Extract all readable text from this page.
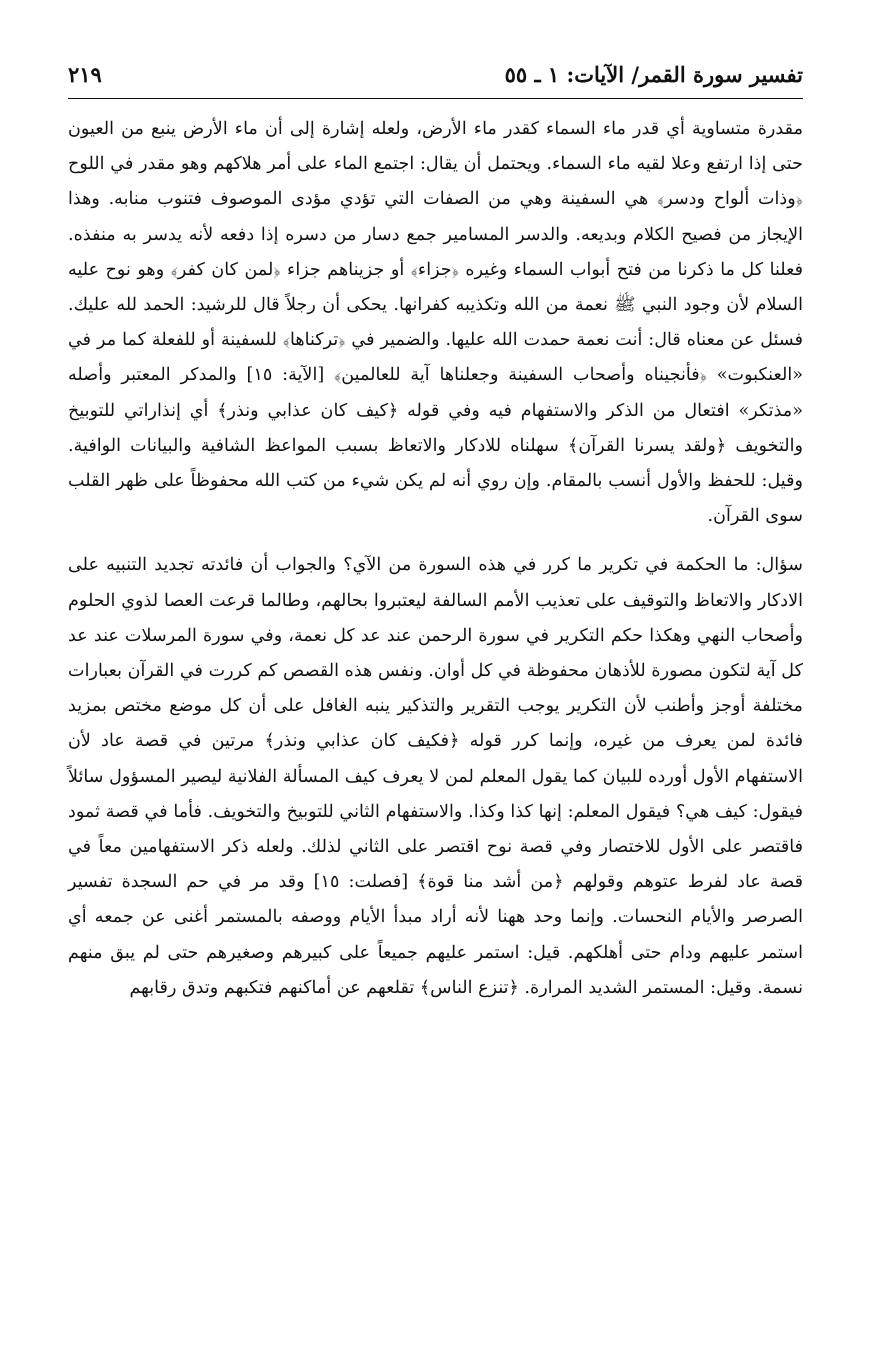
تفسير سورة القمر/ الآيات: ١ ـ ٥٥
٢١٩

مقدرة متساوية أي قدر ماء السماء كقدر ماء الأرض، ولعله إشارة إلى أن ماء الأرض ينبع من العيون حتى إذا ارتفع وعلا لقيه ماء السماء. ويحتمل أن يقال: اجتمع الماء على أمر هلاكهم وهو مقدر في اللوح ﴿وذات ألواح ودسر﴾ هي السفينة وهي من الصفات التي تؤدي مؤدى الموصوف فتنوب منابه. وهذا الإيجاز من فصيح الكلام وبديعه. والدسر المسامير جمع دسار من دسره إذا دفعه لأنه يدسر به منفذه. فعلنا كل ما ذكرنا من فتح أبواب السماء وغيره ﴿جزاء﴾ أو جزيناهم جزاء ﴿لمن كان كفر﴾ وهو نوح عليه السلام لأن وجود النبي ﷺ نعمة من الله وتكذيبه كفرانها. يحكى أن رجلاً قال للرشيد: الحمد لله عليك. فسئل عن معناه قال: أنت نعمة حمدت الله عليها. والضمير في ﴿تركناها﴾ للسفينة أو للفعلة كما مر في «العنكبوت» ﴿فأنجيناه وأصحاب السفينة وجعلناها آية للعالمين﴾ [الآية: ١٥] والمدكر المعتبر وأصله «مذتكر» افتعال من الذكر والاستفهام فيه وفي قوله ﴿كيف كان عذابي ونذر﴾ أي إنذاراتي للتوبيخ والتخويف ﴿ولقد يسرنا القرآن﴾ سهلناه للادكار والاتعاظ بسبب المواعظ الشافية والبيانات الوافية. وقيل: للحفظ والأول أنسب بالمقام. وإن روي أنه لم يكن شيء من كتب الله محفوظاً على ظهر القلب سوى القرآن.

سؤال: ما الحكمة في تكرير ما كرر في هذه السورة من الآي؟ والجواب أن فائدته تجديد التنبيه على الادكار والاتعاظ والتوقيف على تعذيب الأمم السالفة ليعتبروا بحالهم، وطالما قرعت العصا لذوي الحلوم وأصحاب النهي وهكذا حكم التكرير في سورة الرحمن عند عد كل نعمة، وفي سورة المرسلات عند عد كل آية لتكون مصورة للأذهان محفوظة في كل أوان. ونفس هذه القصص كم كررت في القرآن بعبارات مختلفة أوجز وأطنب لأن التكرير يوجب التقرير والتذكير ينبه الغافل على أن كل موضع مختص بمزيد فائدة لمن يعرف من غيره، وإنما كرر قوله ﴿فكيف كان عذابي ونذر﴾ مرتين في قصة عاد لأن الاستفهام الأول أورده للبيان كما يقول المعلم لمن لا يعرف كيف المسألة الفلانية ليصير المسؤول سائلاً فيقول: كيف هي؟ فيقول المعلم: إنها كذا وكذا. والاستفهام الثاني للتوبيخ والتخويف. فأما في قصة ثمود فاقتصر على الأول للاختصار وفي قصة نوح اقتصر على الثاني لذلك. ولعله ذكر الاستفهامين معاً في قصة عاد لفرط عتوهم وقولهم ﴿من أشد منا قوة﴾ [فصلت: ١٥] وقد مر في حم السجدة تفسير الصرصر والأيام النحسات. وإنما وحد ههنا لأنه أراد مبدأ الأيام ووصفه بالمستمر أغنى عن جمعه أي استمر عليهم ودام حتى أهلكهم. قيل: استمر عليهم جميعاً على كبيرهم وصغيرهم حتى لم يبق منهم نسمة. وقيل: المستمر الشديد المرارة. ﴿تنزع الناس﴾ تقلعهم عن أماكنهم فتكبهم وتدق رقابهم
